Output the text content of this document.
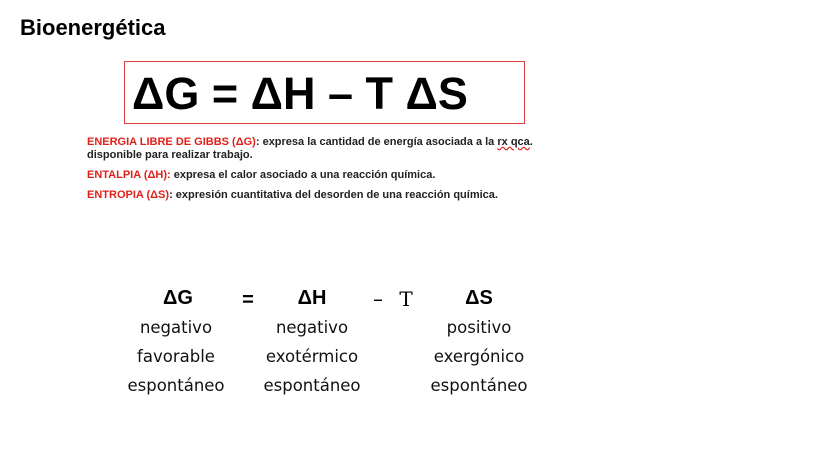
Bioenergética
ΔG = ΔH – T ΔS

ENERGIA LIBRE DE GIBBS (ΔG): expresa la cantidad de energía asociada a la rx qca.
disponible para realizar trabajo.

ENTALPIA (ΔH): expresa el calor asociado a una reacción química.

ENTROPIA (ΔS): expresión cuantitativa del desorden de una reacción química.

ΔG = ΔH – T	ΔS
negativo
favorable
espontáneo
negativo
exotérmico
espontáneo
positivo
exergónico
espontáneo
